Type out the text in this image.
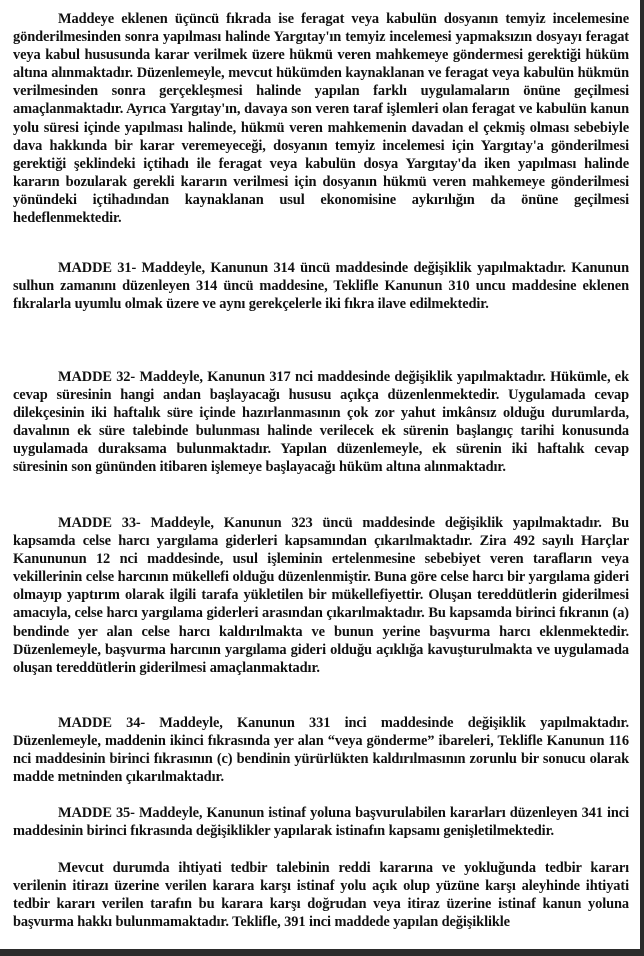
Maddeye eklenen üçüncü fıkrada ise feragat veya kabulün dosyanın temyiz incelemesine gönderilmesinden sonra yapılması halinde Yargıtay'ın temyiz incelemesi yapmaksızın dosyayı feragat veya kabul hususunda karar verilmek üzere hükmü veren mahkemeye göndermesi gerektiği hüküm altına alınmaktadır. Düzenlemeyle, mevcut hükümden kaynaklanan ve feragat veya kabulün hükmün verilmesinden sonra gerçekleşmesi halinde yapılan farklı uygulamaların önüne geçilmesi amaçlanmaktadır. Ayrıca Yargıtay'ın, davaya son veren taraf işlemleri olan feragat ve kabulün kanun yolu süresi içinde yapılması halinde, hükmü veren mahkemenin davadan el çekmiş olması sebebiyle dava hakkında bir karar veremeyeceği, dosyanın temyiz incelemesi için Yargıtay'a gönderilmesi gerektiği şeklindeki içtihadı ile feragat veya kabulün dosya Yargıtay'da iken yapılması halinde kararın bozularak gerekli kararın verilmesi için dosyanın hükmü veren mahkemeye gönderilmesi yönündeki içtihadından kaynaklanan usul ekonomisine aykırılığın da önüne geçilmesi hedeflenmektedir.

MADDE 31- Maddeyle, Kanunun 314 üncü maddesinde değişiklik yapılmaktadır. Kanunun sulhun zamanını düzenleyen 314 üncü maddesine, Teklifle Kanunun 310 uncu maddesine eklenen fıkralarla uyumlu olmak üzere ve aynı gerekçelerle iki fıkra ilave edilmektedir.

MADDE 32- Maddeyle, Kanunun 317 nci maddesinde değişiklik yapılmaktadır. Hükümle, ek cevap süresinin hangi andan başlayacağı hususu açıkça düzenlenmektedir. Uygulamada cevap dilekçesinin iki haftalık süre içinde hazırlanmasının çok zor yahut imkânsız olduğu durumlarda, davalının ek süre talebinde bulunması halinde verilecek ek sürenin başlangıç tarihi konusunda uygulamada duraksama bulunmaktadır. Yapılan düzenlemeyle, ek sürenin iki haftalık cevap süresinin son gününden itibaren işlemeye başlayacağı hüküm altına alınmaktadır.

MADDE 33- Maddeyle, Kanunun 323 üncü maddesinde değişiklik yapılmaktadır. Bu kapsamda celse harcı yargılama giderleri kapsamından çıkarılmaktadır. Zira 492 sayılı Harçlar Kanununun 12 nci maddesinde, usul işleminin ertelenmesine sebebiyet veren tarafların veya vekillerinin celse harcının mükellefi olduğu düzenlenmiştir. Buna göre celse harcı bir yargılama gideri olmayıp yaptırım olarak ilgili tarafa yükletilen bir mükellefiyettir. Oluşan tereddütlerin giderilmesi amacıyla, celse harcı yargılama giderleri arasından çıkarılmaktadır. Bu kapsamda birinci fıkranın (a) bendinde yer alan celse harcı kaldırılmakta ve bunun yerine başvurma harcı eklenmektedir. Düzenlemeyle, başvurma harcının yargılama gideri olduğu açıklığa kavuşturulmakta ve uygulamada oluşan tereddütlerin giderilmesi amaçlanmaktadır.

MADDE 34- Maddeyle, Kanunun 331 inci maddesinde değişiklik yapılmaktadır. Düzenlemeyle, maddenin ikinci fıkrasında yer alan “veya gönderme” ibareleri, Teklifle Kanunun 116 nci maddesinin birinci fıkrasının (c) bendinin yürürlükten kaldırılmasının zorunlu bir sonucu olarak madde metninden çıkarılmaktadır.

MADDE 35- Maddeyle, Kanunun istinaf yoluna başvurulabilen kararları düzenleyen 341 inci maddesinin birinci fıkrasında değişiklikler yapılarak istinafın kapsamı genişletilmektedir.

Mevcut durumda ihtiyati tedbir talebinin reddi kararına ve yokluğunda tedbir kararı verilenin itirazı üzerine verilen karara karşı istinaf yolu açık olup yüzüne karşı aleyhinde ihtiyati tedbir kararı verilen tarafın bu karara karşı doğrudan veya itiraz üzerine istinaf kanun yoluna başvurma hakkı bulunmamaktadır. Teklifle, 391 inci maddede yapılan değişiklikle
